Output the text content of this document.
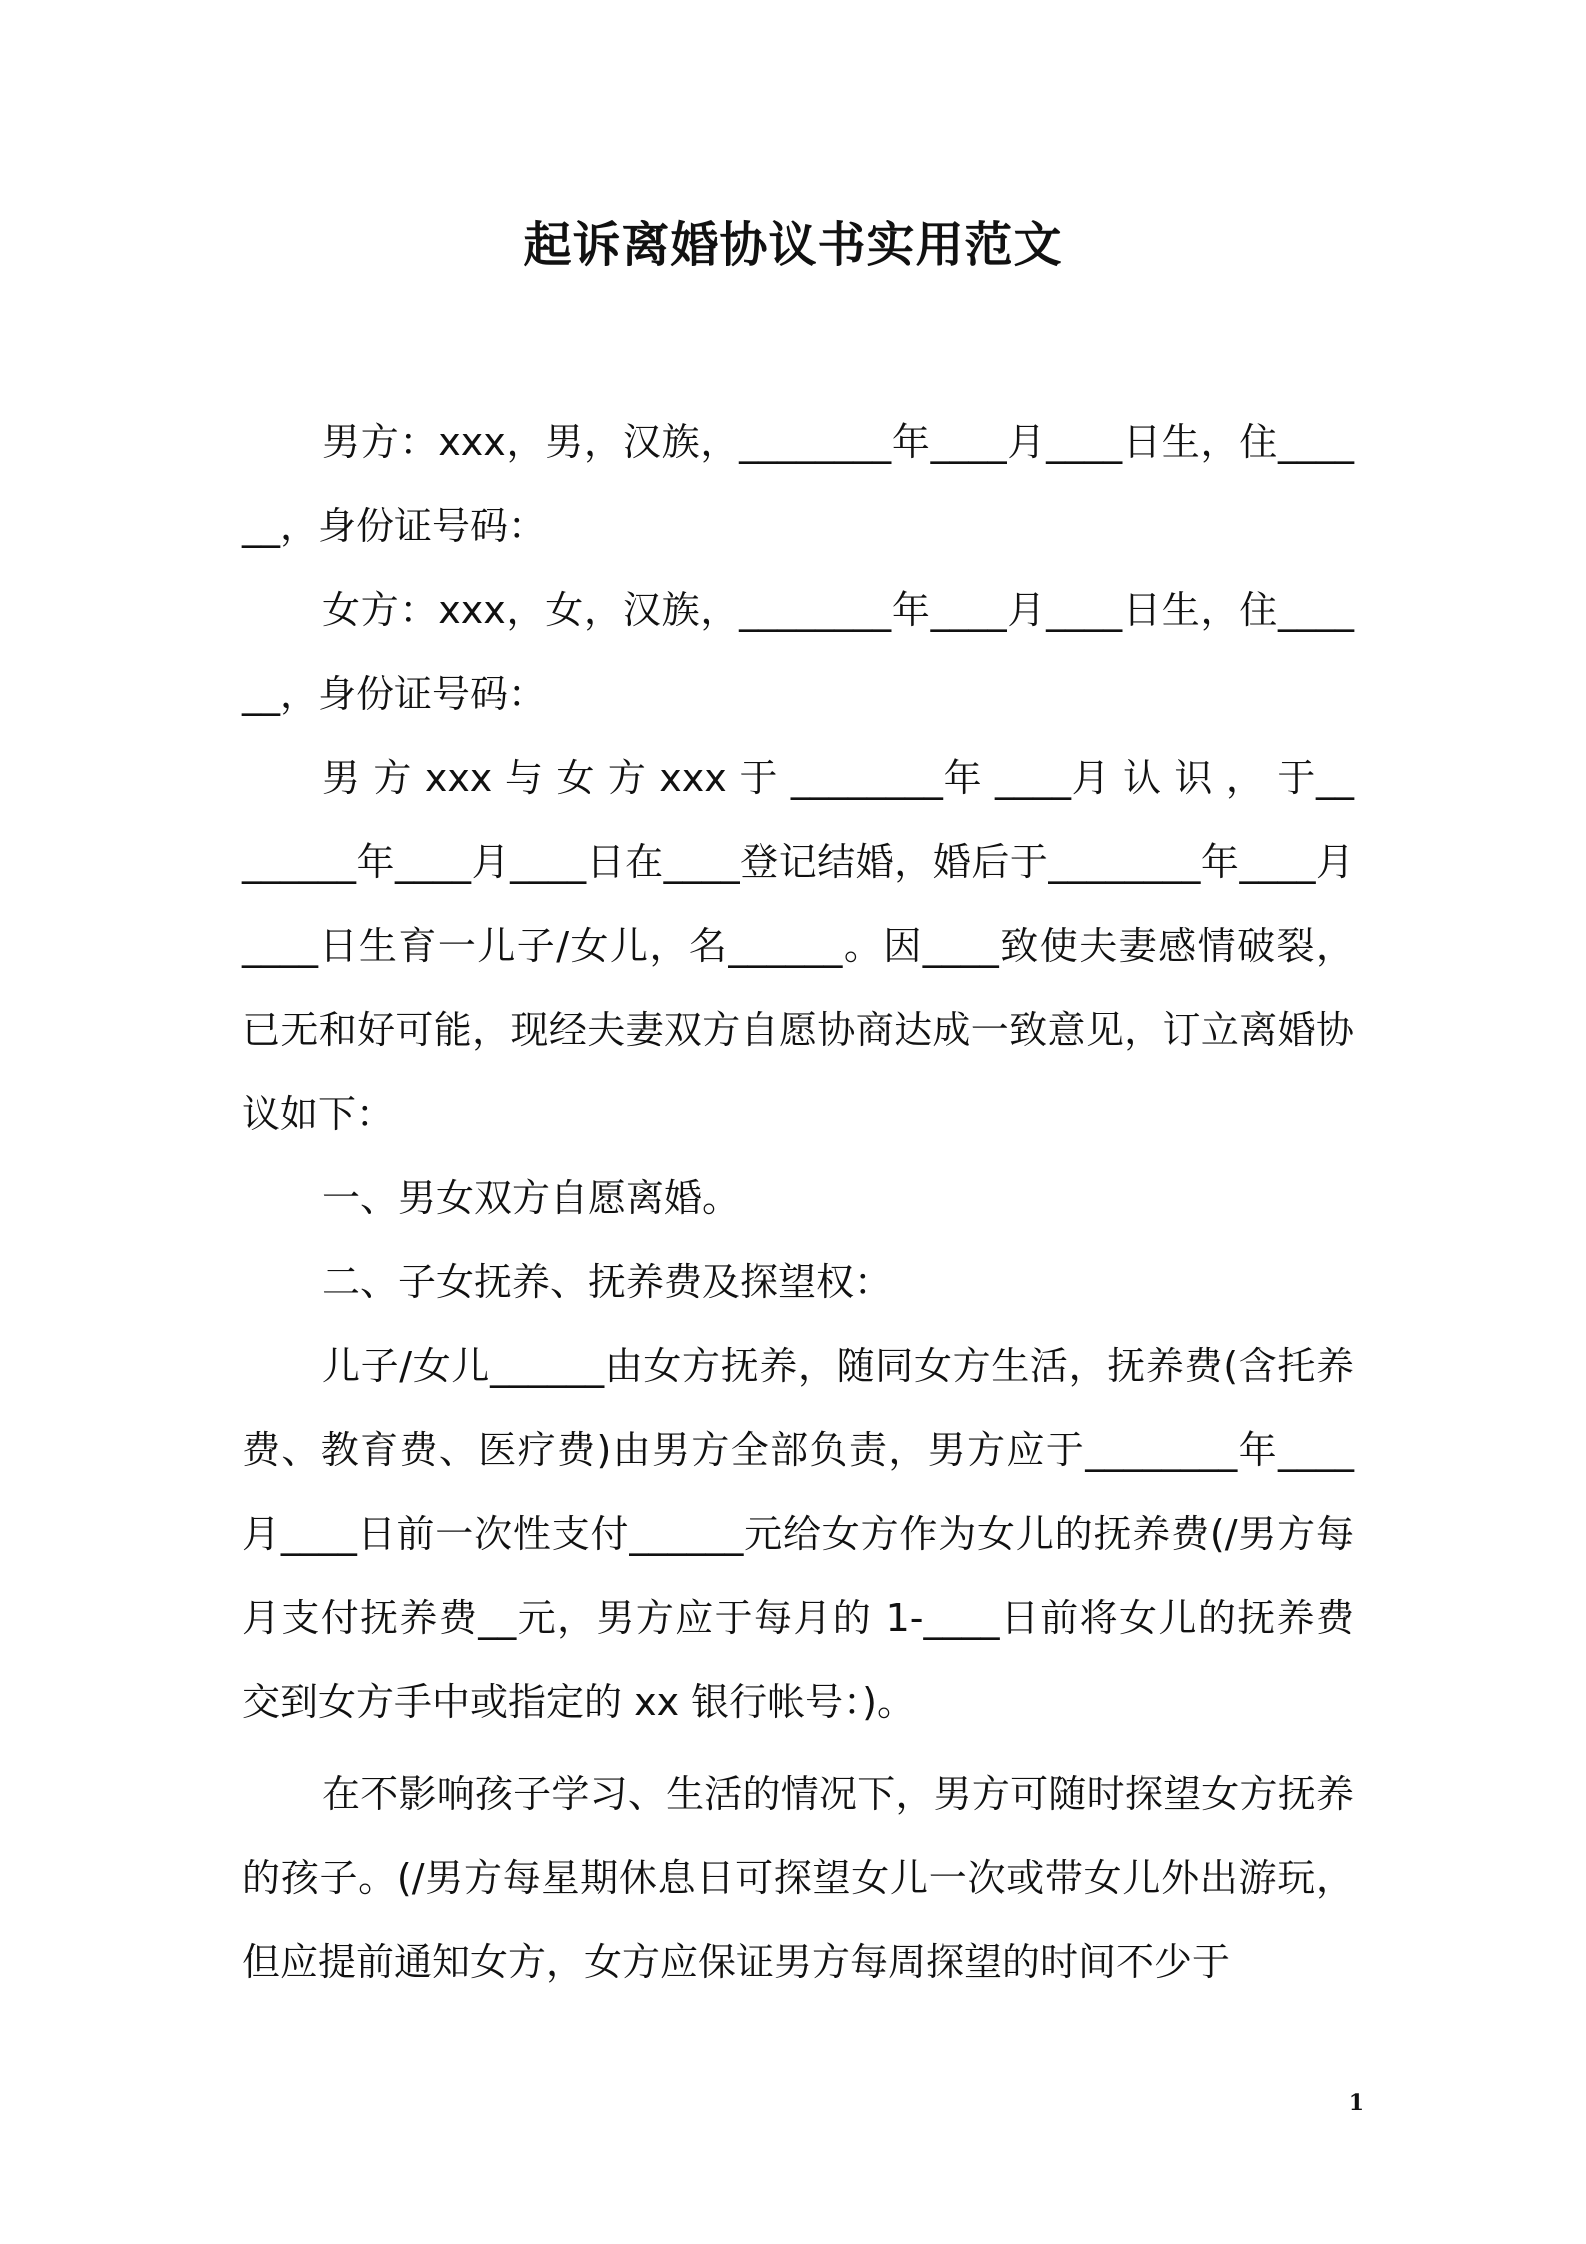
起诉离婚协议书实用范文

男方：xxx，男，汉族，________年____月____日生，住______，身份证号码：

女方：xxx，女，汉族，________年____月____日生，住______，身份证号码：

男 方 xxx 与 女 方 xxx 于 ________年 ____月 认 识 ， 于________年____月____日在____登记结婚，婚后于________年____月____日生育一儿子/女儿，名______。因____致使夫妻感情破裂，已无和好可能，现经夫妻双方自愿协商达成一致意见，订立离婚协议如下：

一、男女双方自愿离婚。

二、子女抚养、抚养费及探望权：

儿子/女儿______由女方抚养，随同女方生活，抚养费(含托养费、教育费、医疗费)由男方全部负责，男方应于________年____月____日前一次性支付______元给女方作为女儿的抚养费(/男方每月支付抚养费__元，男方应于每月的 1-____日前将女儿的抚养费交到女方手中或指定的 xx 银行帐号：)。

在不影响孩子学习、生活的情况下，男方可随时探望女方抚养的孩子。(/男方每星期休息日可探望女儿一次或带女儿外出游玩，但应提前通知女方，女方应保证男方每周探望的时间不少于

1
